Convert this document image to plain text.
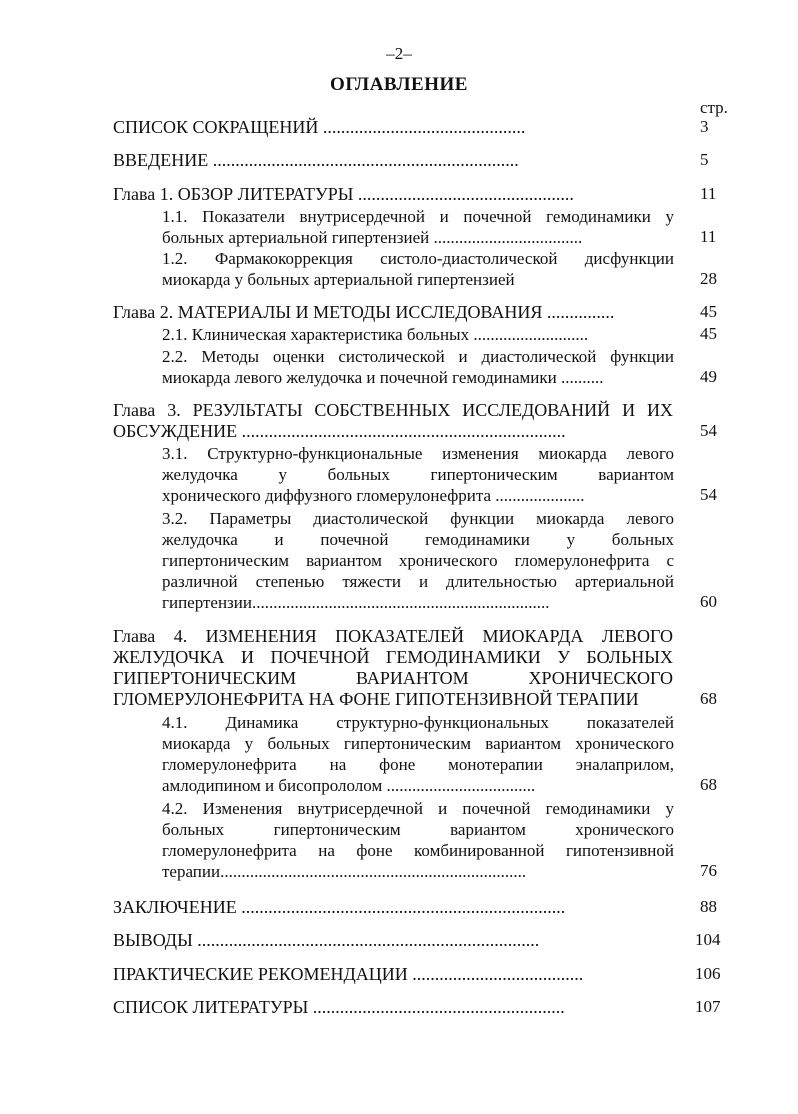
–2–
ОГЛАВЛЕНИЕ
стр.
СПИСОК СОКРАЩЕНИЙ .............................................	3
ВВЕДЕНИЕ ....................................................................	5
Глава 1. ОБЗОР ЛИТЕРАТУРЫ ................................................	11
1.1. Показатели внутрисердечной и почечной гемодинамики у
больных артериальной гипертензией ...................................	11
1.2. Фармакокоррекция систоло-диастолической дисфункции
миокарда у больных артериальной гипертензией	28
Глава 2. МАТЕРИАЛЫ И МЕТОДЫ ИССЛЕДОВАНИЯ ...............	45
2.1. Клиническая характеристика больных ...........................	45
2.2. Методы оценки систолической и диастолической функции
миокарда левого желудочка и почечной гемодинамики ..........	49
Глава 3. РЕЗУЛЬТАТЫ СОБСТВЕННЫХ ИССЛЕДОВАНИЙ И ИХ
ОБСУЖДЕНИЕ ........................................................................	54
3.1. Структурно-функциональные изменения миокарда левого
желудочка у больных гипертоническим вариантом
хронического диффузного гломерулонефрита .....................	54
3.2. Параметры диастолической функции миокарда левого
желудочка и почечной гемодинамики у больных
гипертоническим вариантом хронического гломерулонефрита с
различной степенью тяжести и длительностью артериальной
гипертензии......................................................................	60
Глава 4. ИЗМЕНЕНИЯ ПОКАЗАТЕЛЕЙ МИОКАРДА ЛЕВОГО
ЖЕЛУДОЧКА И ПОЧЕЧНОЙ ГЕМОДИНАМИКИ У БОЛЬНЫХ
ГИПЕРТОНИЧЕСКИМ ВАРИАНТОМ ХРОНИЧЕСКОГО
ГЛОМЕРУЛОНЕФРИТА НА ФОНЕ ГИПОТЕНЗИВНОЙ ТЕРАПИИ	68
4.1. Динамика структурно-функциональных показателей
миокарда у больных гипертоническим вариантом хронического
гломерулонефрита на фоне монотерапии эналаприлом,
амлодипином и бисопрололом ...................................	68
4.2. Изменения внутрисердечной и почечной гемодинамики у
больных гипертоническим вариантом хронического
гломерулонефрита на фоне комбинированной гипотензивной
терапии........................................................................	76
ЗАКЛЮЧЕНИЕ ........................................................................	88
ВЫВОДЫ ............................................................................	104
ПРАКТИЧЕСКИЕ РЕКОМЕНДАЦИИ ......................................	106
СПИСОК ЛИТЕРАТУРЫ ........................................................	107
